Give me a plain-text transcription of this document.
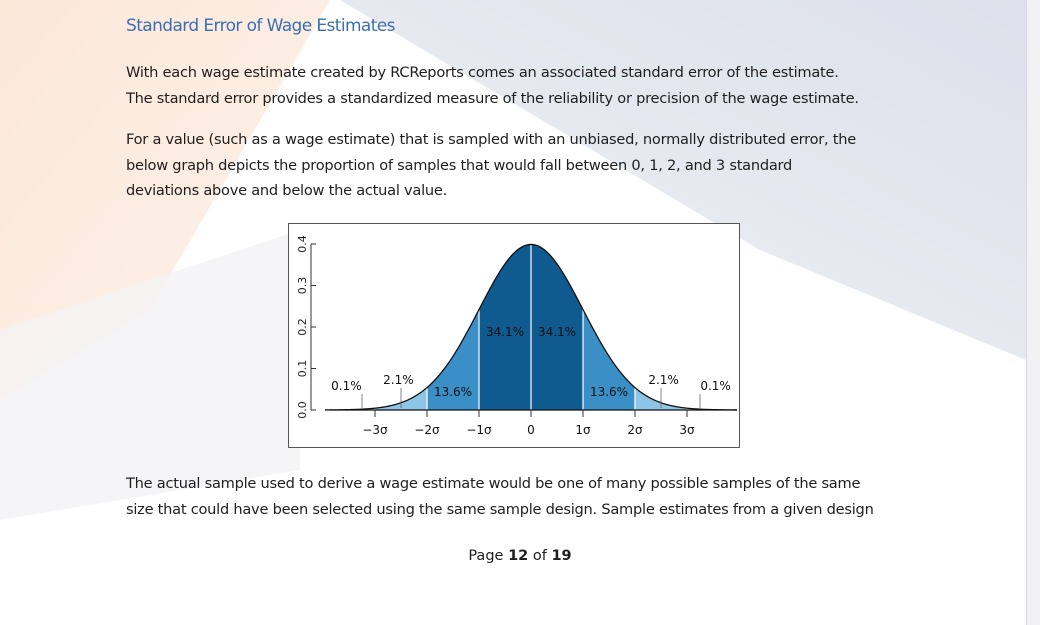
Standard Error of Wage Estimates

With each wage estimate created by RCReports comes an associated standard error of the estimate.
The standard error provides a standardized measure of the reliability or precision of the wage estimate.

For a value (such as a wage estimate) that is sampled with an unbiased, normally distributed error, the
below graph depicts the proportion of samples that would fall between 0, 1, 2, and 3 standard
deviations above and below the actual value.

0.0
0.1
0.2
0.3
0.4
−3σ −2σ −1σ	0	1σ	2σ	3σ
0.1% 2.1%
13.6%
34.1% 34.1%
13.6%
2.1% 0.1%

The actual sample used to derive a wage estimate would be one of many possible samples of the same
size that could have been selected using the same sample design. Sample estimates from a given design

Page 12 of 19
